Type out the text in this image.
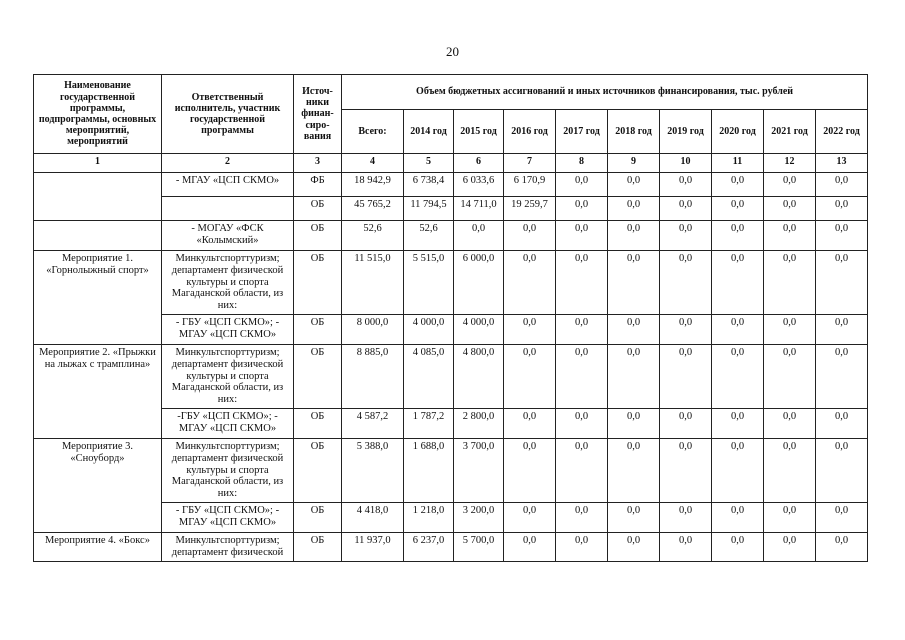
20
Наименование государственной программы, подпрограммы, основных мероприятий, мероприятий	Ответственный исполнитель, участник государственной программы	Источ-ники финан-сиро-вания	Объем бюджетных ассигнований и иных источников финансирования, тыс. рублей									
			Всего:	2014 год	2015 год	2016 год	2017 год	2018 год	2019 год	2020 год	2021 год	2022 год
1	2	3	4	5	6	7	8	9	10	11	12	13
	- МГАУ «ЦСП СКМО»	ФБ	18 942,9	6 738,4	6 033,6	6 170,9	0,0	0,0	0,0	0,0	0,0	0,0
		ОБ	45 765,2	11 794,5	14 711,0	19 259,7	0,0	0,0	0,0	0,0	0,0	0,0
	- МОГАУ «ФСК «Колымский»	ОБ	52,6	52,6	0,0	0,0	0,0	0,0	0,0	0,0	0,0	0,0
Мероприятие 1. «Горнолыжный спорт»	Минкультспорттуризм; департамент физической культуры и спорта Магаданской области, из них:	ОБ	11 515,0	5 515,0	6 000,0	0,0	0,0	0,0	0,0	0,0	0,0	0,0
	- ГБУ «ЦСП СКМО»; - МГАУ «ЦСП СКМО»	ОБ	8 000,0	4 000,0	4 000,0	0,0	0,0	0,0	0,0	0,0	0,0	0,0
Мероприятие 2. «Прыжки на лыжах с трамплина»	Минкультспорттуризм; департамент физической культуры и спорта Магаданской области, из них:	ОБ	8 885,0	4 085,0	4 800,0	0,0	0,0	0,0	0,0	0,0	0,0	0,0
	-ГБУ «ЦСП СКМО»; - МГАУ «ЦСП СКМО»	ОБ	4 587,2	1 787,2	2 800,0	0,0	0,0	0,0	0,0	0,0	0,0	0,0
Мероприятие 3. «Сноуборд»	Минкультспорттуризм; департамент физической культуры и спорта Магаданской области, из них:	ОБ	5 388,0	1 688,0	3 700,0	0,0	0,0	0,0	0,0	0,0	0,0	0,0
	- ГБУ «ЦСП СКМО»; - МГАУ «ЦСП СКМО»	ОБ	4 418,0	1 218,0	3 200,0	0,0	0,0	0,0	0,0	0,0	0,0	0,0
Мероприятие 4. «Бокс»	Минкультспорттуризм; департамент физической	ОБ	11 937,0	6 237,0	5 700,0	0,0	0,0	0,0	0,0	0,0	0,0	0,0
